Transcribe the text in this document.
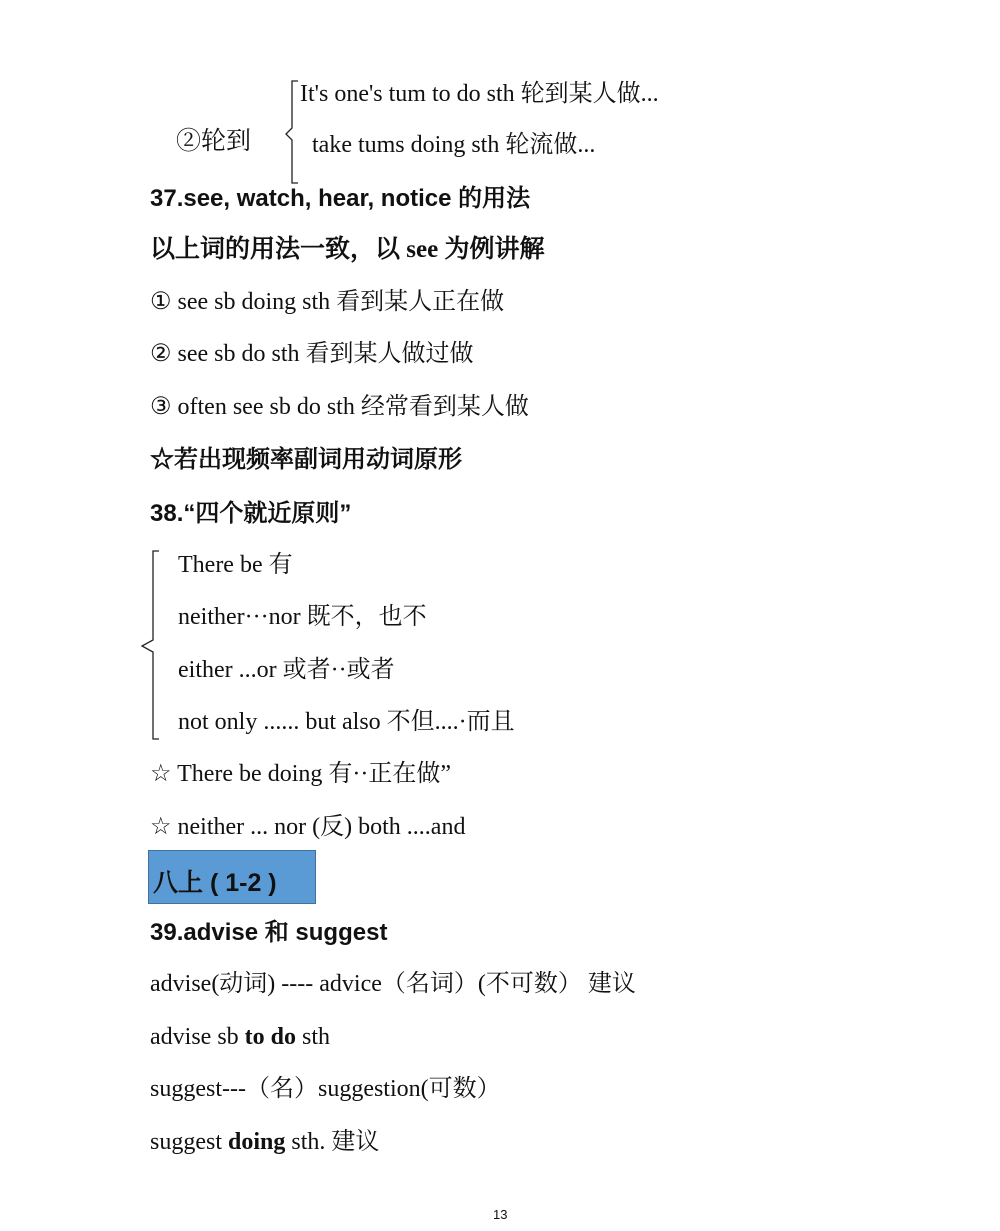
②轮到
It's one's tum to do sth 轮到某人做...
take tums doing sth 轮流做...
37.see, watch, hear, notice 的用法
以上词的用法一致，以 see 为例讲解
① see sb doing sth 看到某人正在做
② see sb do sth 看到某人做过做
③ often see sb do sth 经常看到某人做
☆若出现频率副词用动词原形
38.“四个就近原则”
There be 有
neither···nor 既不，也不
either ...or 或者··或者
not only ...... but also 不但....·而且
☆ There be doing 有··正在做”
☆ neither ... nor (反) both ....and
八上 ( 1-2 )
39.advise 和 suggest
advise(动词) ---- advice（名词）(不可数） 建议
advise sb to do sth
suggest---（名）suggestion(可数）
suggest doing sth. 建议
13
